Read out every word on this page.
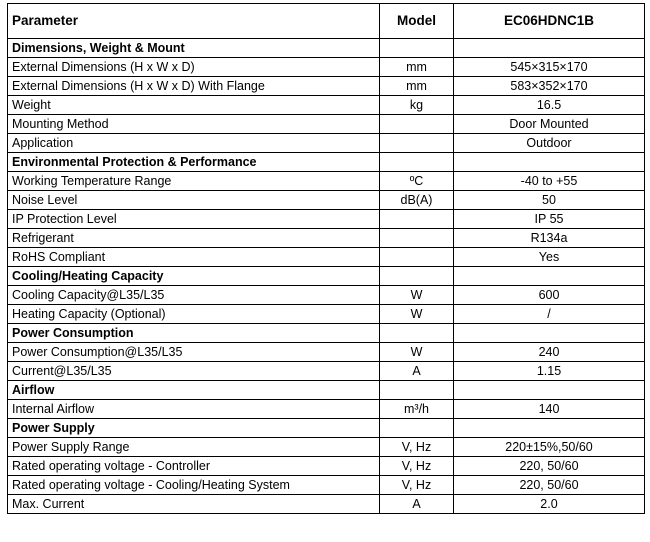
Parameter	Model	EC06HDNC1B
Dimensions, Weight & Mount		
External Dimensions (H x W x D)	mm	545×315×170
External Dimensions (H x W x D) With Flange	mm	583×352×170
Weight	kg	16.5
Mounting Method		Door Mounted
Application		Outdoor
Environmental Protection & Performance		
Working Temperature Range	ºC	-40 to +55
Noise Level	dB(A)	50
IP Protection Level		IP 55
Refrigerant		R134a
RoHS Compliant		Yes
Cooling/Heating Capacity		
Cooling Capacity@L35/L35	W	600
Heating Capacity (Optional)	W	/
Power Consumption		
Power Consumption@L35/L35	W	240
Current@L35/L35	A	1.15
Airflow		
Internal Airflow	m³/h	140
Power Supply		
Power Supply Range	V, Hz	220±15%,50/60
Rated operating voltage - Controller	V, Hz	220, 50/60
Rated operating voltage - Cooling/Heating System	V, Hz	220, 50/60
Max. Current	A	2.0
